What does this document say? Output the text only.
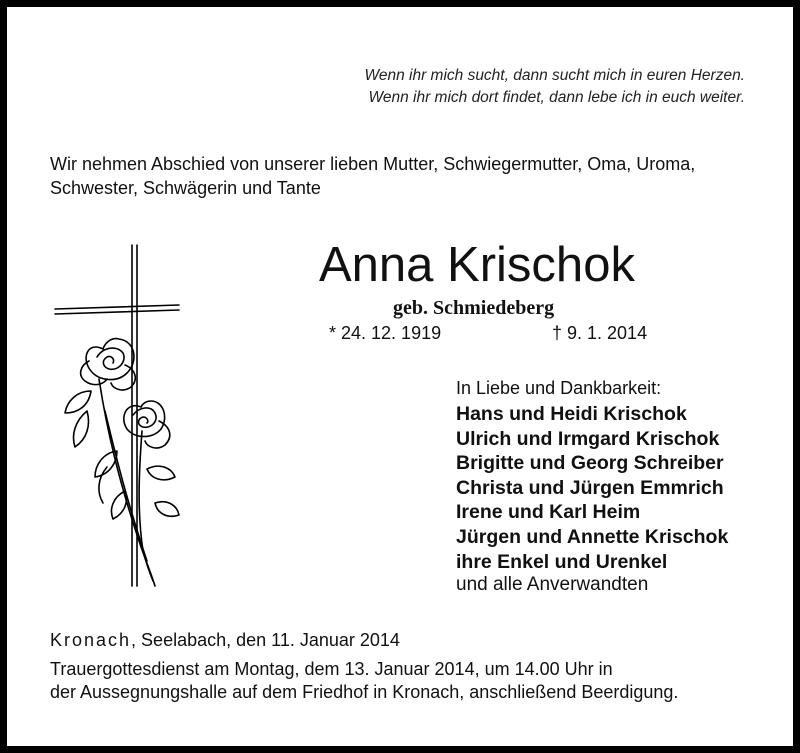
Wenn ihr mich sucht, dann sucht mich in euren Herzen.
Wenn ihr mich dort findet, dann lebe ich in euch weiter.
Wir nehmen Abschied von unserer lieben Mutter, Schwiegermutter, Oma, Uroma,
Schwester, Schwägerin und Tante
Anna Krischok
geb. Schmiedeberg
* 24. 12. 1919	† 9. 1. 2014
In Liebe und Dankbarkeit:
Hans und Heidi Krischok
Ulrich und Irmgard Krischok
Brigitte und Georg Schreiber
Christa und Jürgen Emmrich
Irene und Karl Heim
Jürgen und Annette Krischok
ihre Enkel und Urenkel
und alle Anverwandten
Kronach, Seelabach, den 11. Januar 2014
Trauergottesdienst am Montag, dem 13. Januar 2014, um 14.00 Uhr in
der Aussegnungshalle auf dem Friedhof in Kronach, anschließend Beerdigung.
